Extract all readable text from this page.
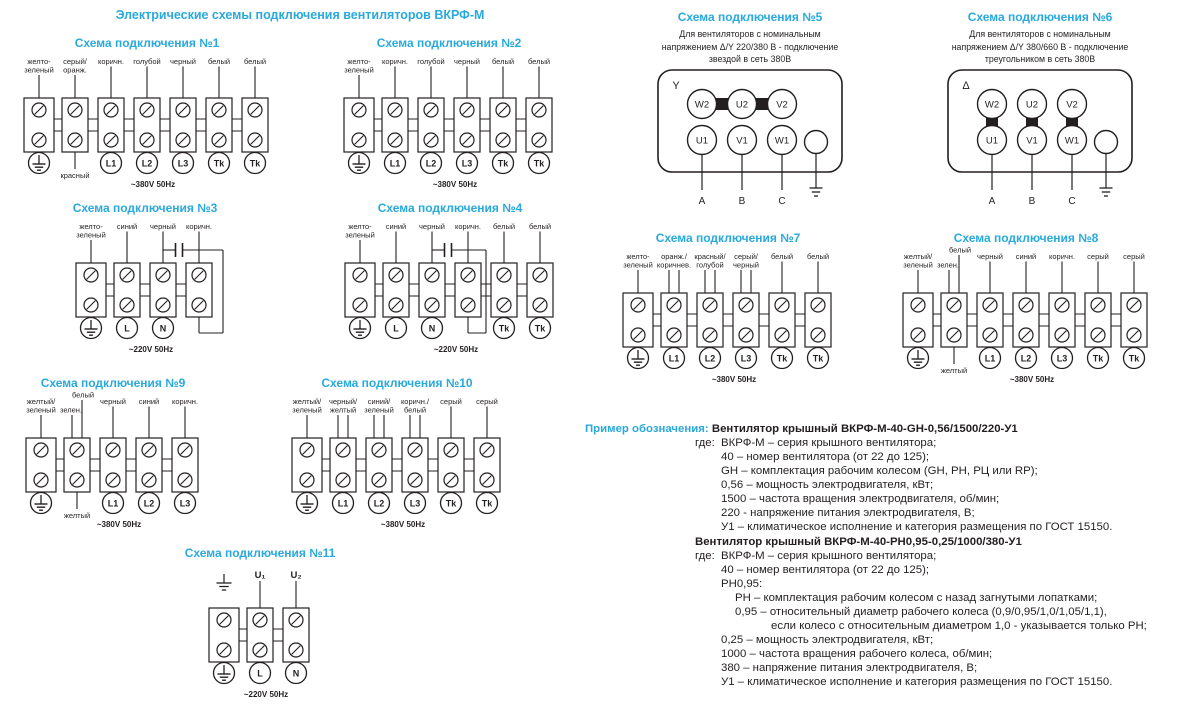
Электрические схемы подключения вентиляторов ВКРФ-М
Схема подключения №1
желто-
зеленый
серый/
оранж.
красный
коричн.
L1
голубой
L2
черный
L3
белый
Tk
белый
Tk
~380V 50Hz
Схема подключения №2
желто-
зеленый
коричн.
L1
голубой
L2
черный
L3
белый
Tk
белый
Tk
~380V 50Hz
Схема подключения №3
желто-
зеленый
синий
L
черный
N
коричн.
~220V 50Hz
Схема подключения №4
желто-
зеленый
синий
L
черный
N
коричн. белый
Tk
белый
Tk
~220V 50Hz
Схема подключения №5
Для вентиляторов с номинальным
напряжением Δ/Y 220/380 В - подключение
звездой в сеть 380В
Y
W2	U2	V2
U1
A
V1
B
W1
C
Схема подключения №6
Для вентиляторов с номинальным
напряжением Δ/Y 380/660 В - подключение
треугольником в сеть 380В
Δ
W2	U2	V2
U1
A
V1
B
W1
C
Схема подключения №7
желто-
зеленый
оранж./
коричнев.
L1
красный/
голубой
L2
серый/
черный
L3
белый
Tk
белый
Tk
~380V 50Hz
Схема подключения №8
желтый/
зеленый зелен.
белый
желтый
черный
L1
синий
L2
коричн.
L3
серый
Tk
серый
Tk
~380V 50Hz
Схема подключения №9
желтый/
зеленый зелен.
белый
желтый
черный
L1
синий
L2
коричн.
L3
~380V 50Hz
Схема подключения №10
желтый/
зеленый
черный/
желтый
L1
синий/
зеленый
L2
коричн./
белый
L3
серый
Tk
серый
Tk
~380V 50Hz
Схема подключения №11
U₁
L
U₂
N
~220V 50Hz
Пример обозначения: Вентилятор крышный ВКРФ-М-40-GH-0,56/1500/220-У1
где: ВКРФ-М – серия крышного вентилятора;
40 – номер вентилятора (от 22 до 125);
GH – комплектация рабочим колесом (GH, PH, РЦ или RP);
0,56 – мощность электродвигателя, кВт;
1500 – частота вращения электродвигателя, об/мин;
220 - напряжение питания электродвигателя, В;
У1 – климатическое исполнение и категория размещения по ГОСТ 15150.
Вентилятор крышный ВКРФ-М-40-РН0,95-0,25/1000/380-У1
где: ВКРФ-М – серия крышного вентилятора;
40 – номер вентилятора (от 22 до 125);
РН0,95:
РН – комплектация рабочим колесом с назад загнутыми лопатками;
0,95 – относительный диаметр рабочего колеса (0,9/0,95/1,0/1,05/1,1),
если колесо с относительным диаметром 1,0 - указывается только РН;
0,25 – мощность электродвигателя, кВт;
1000 – частота вращения рабочего колеса, об/мин;
380 – напряжение питания электродвигателя, В;
У1 – климатическое исполнение и категория размещения по ГОСТ 15150.
